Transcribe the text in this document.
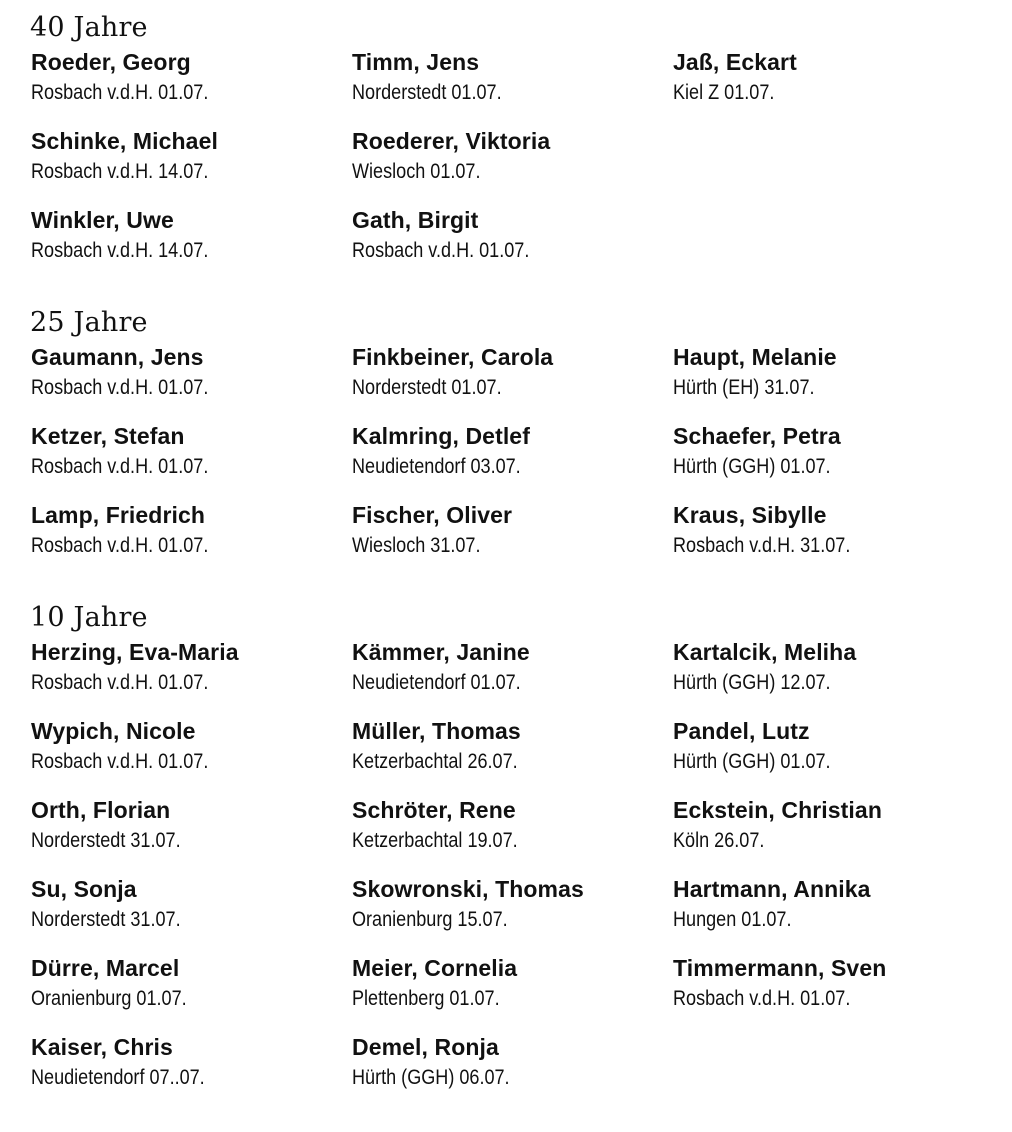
40 Jahre
Roeder, Georg
Rosbach v.d.H. 01.07.
Timm, Jens
Norderstedt 01.07.
Jaß, Eckart
Kiel Z 01.07.
Schinke, Michael
Rosbach v.d.H. 14.07.
Roederer, Viktoria
Wiesloch 01.07.
Winkler, Uwe
Rosbach v.d.H. 14.07.
Gath, Birgit
Rosbach v.d.H. 01.07.
25 Jahre
Gaumann, Jens
Rosbach v.d.H. 01.07.
Finkbeiner, Carola
Norderstedt 01.07.
Haupt, Melanie
Hürth (EH) 31.07.
Ketzer, Stefan
Rosbach v.d.H. 01.07.
Kalmring, Detlef
Neudietendorf 03.07.
Schaefer, Petra
Hürth (GGH) 01.07.
Lamp, Friedrich
Rosbach v.d.H. 01.07.
Fischer, Oliver
Wiesloch 31.07.
Kraus, Sibylle
Rosbach v.d.H. 31.07.
10 Jahre
Herzing, Eva-Maria
Rosbach v.d.H. 01.07.
Kämmer, Janine
Neudietendorf 01.07.
Kartalcik, Meliha
Hürth (GGH) 12.07.
Wypich, Nicole
Rosbach v.d.H. 01.07.
Müller, Thomas
Ketzerbachtal 26.07.
Pandel, Lutz
Hürth (GGH) 01.07.
Orth, Florian
Norderstedt 31.07.
Schröter, Rene
Ketzerbachtal 19.07.
Eckstein, Christian
Köln 26.07.
Su, Sonja
Norderstedt 31.07.
Skowronski, Thomas
Oranienburg 15.07.
Hartmann, Annika
Hungen 01.07.
Dürre, Marcel
Oranienburg 01.07.
Meier, Cornelia
Plettenberg 01.07.
Timmermann, Sven
Rosbach v.d.H. 01.07.
Kaiser, Chris
Neudietendorf 07..07.
Demel, Ronja
Hürth (GGH) 06.07.
